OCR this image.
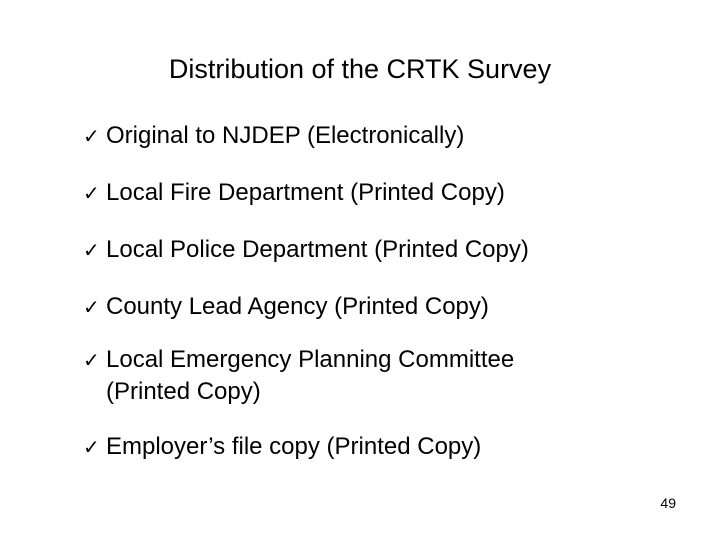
Distribution of the CRTK Survey
✓ Original to NJDEP (Electronically)
✓ Local Fire Department (Printed Copy)
✓ Local Police Department (Printed Copy)
✓ County Lead Agency (Printed Copy)
✓ Local Emergency Planning Committee
(Printed Copy)
✓ Employer’s file copy (Printed Copy)
49
